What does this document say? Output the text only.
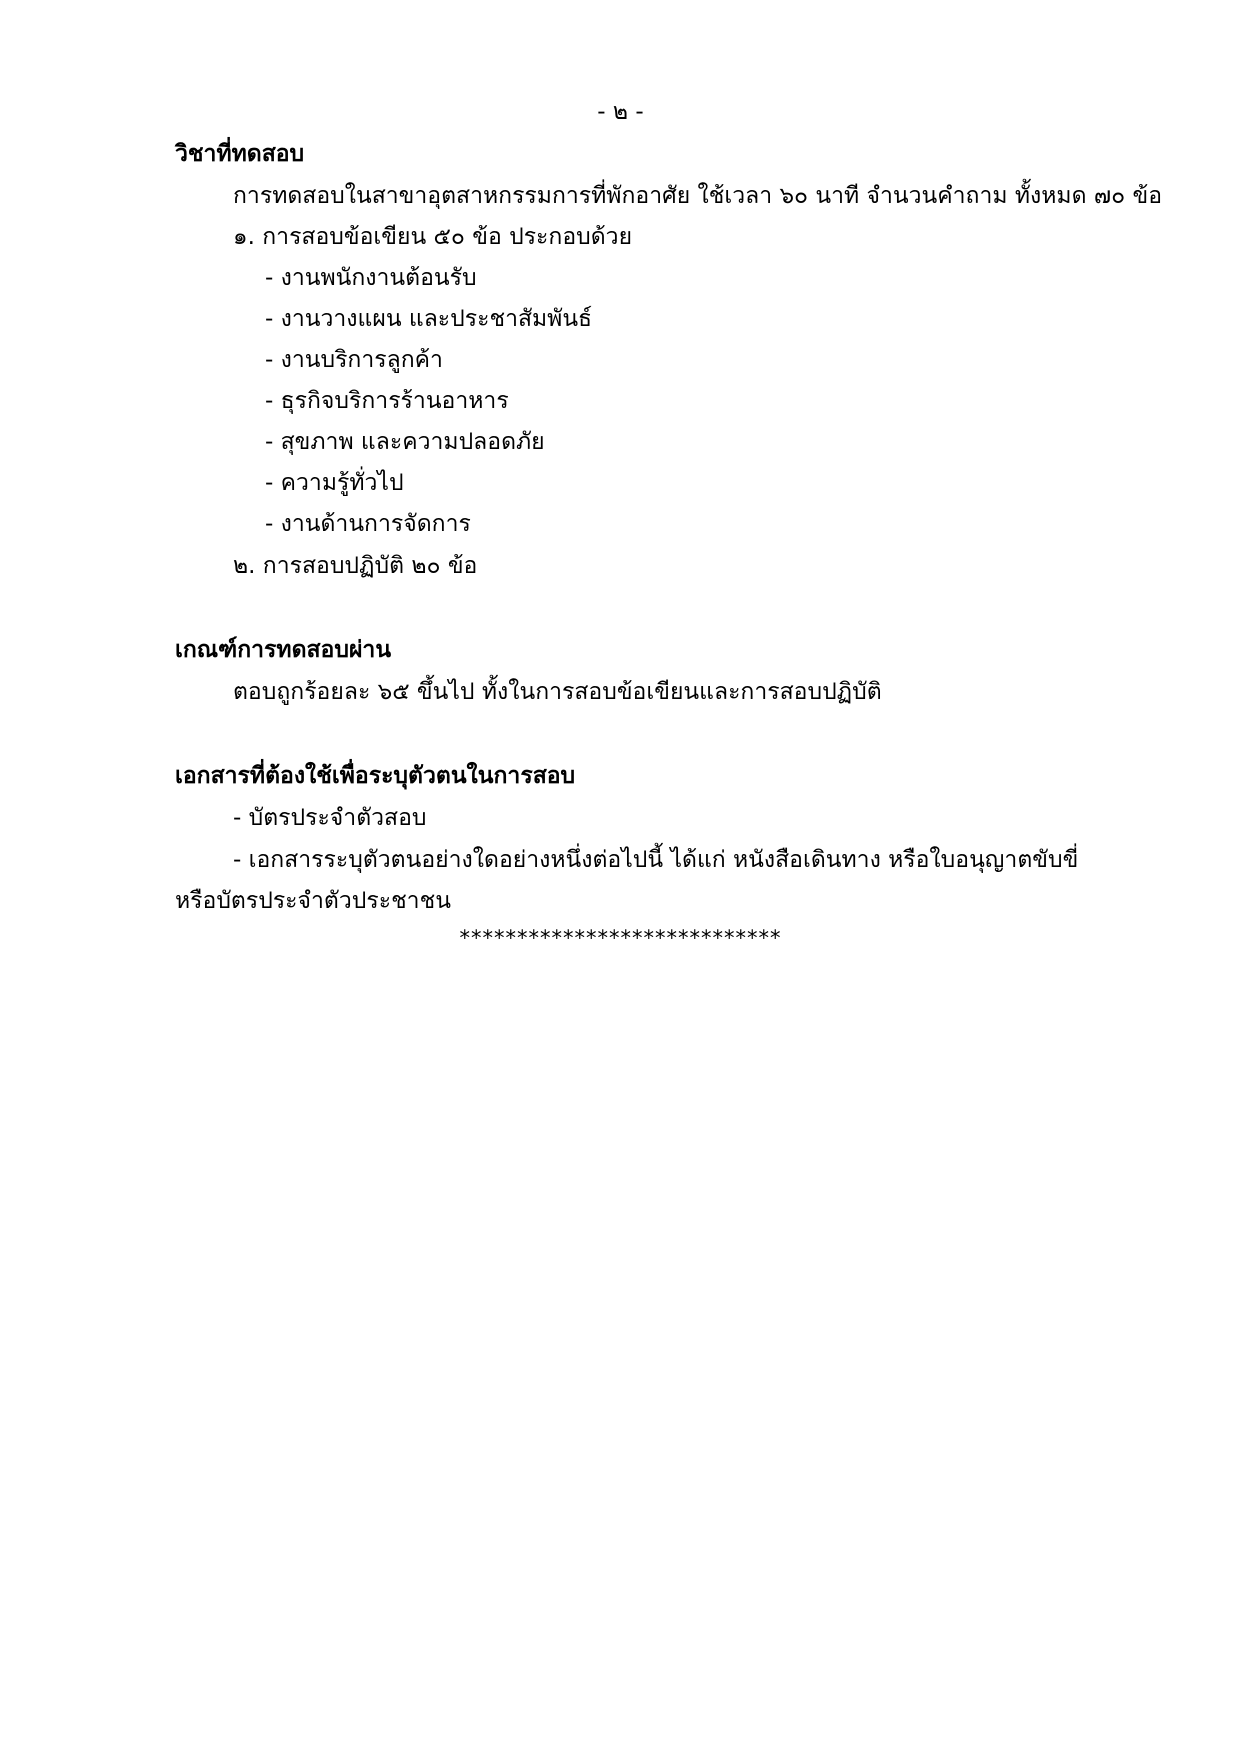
- ๒ -
วิชาที่ทดสอบ
การทดสอบในสาขาอุตสาหกรรมการที่พักอาศัย ใช้เวลา ๖๐ นาที จำนวนคำถาม ทั้งหมด ๗๐ ข้อ
๑. การสอบข้อเขียน ๕๐ ข้อ ประกอบด้วย
- งานพนักงานต้อนรับ
- งานวางแผน และประชาสัมพันธ์
- งานบริการลูกค้า
- ธุรกิจบริการร้านอาหาร
- สุขภาพ และความปลอดภัย
- ความรู้ทั่วไป
- งานด้านการจัดการ
๒. การสอบปฏิบัติ ๒๐ ข้อ
เกณฑ์การทดสอบผ่าน
ตอบถูกร้อยละ ๖๕ ขึ้นไป ทั้งในการสอบข้อเขียนและการสอบปฏิบัติ
เอกสารที่ต้องใช้เพื่อระบุตัวตนในการสอบ
- บัตรประจำตัวสอบ
- เอกสารระบุตัวตนอย่างใดอย่างหนึ่งต่อไปนี้ ได้แก่ หนังสือเดินทาง หรือใบอนุญาตขับขี่ หรือบัตรประจำตัวประชาชน
****************************
